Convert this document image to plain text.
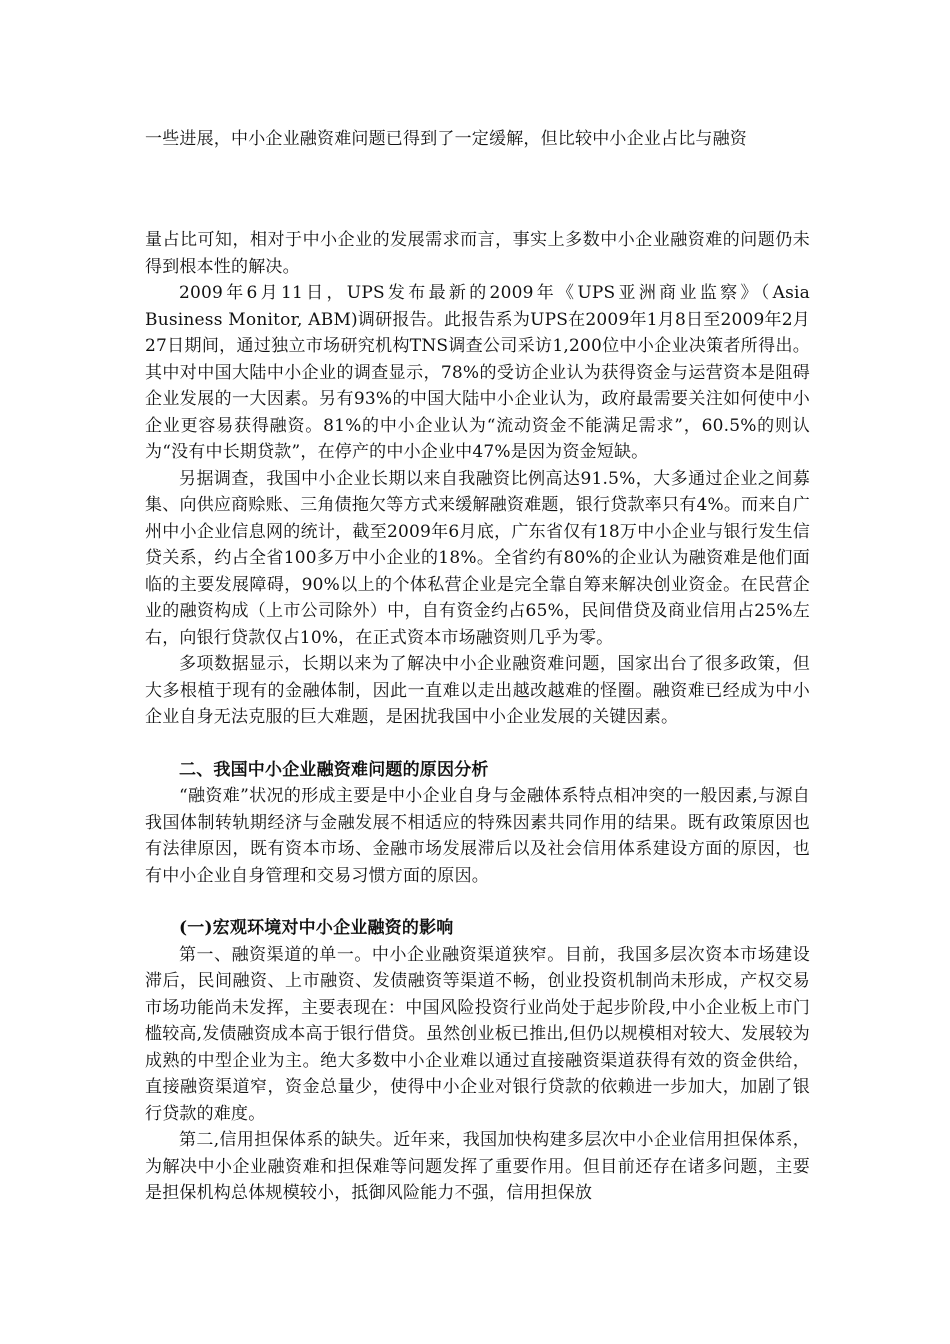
一些进展，中小企业融资难问题已得到了一定缓解，但比较中小企业占比与融资

量占比可知，相对于中小企业的发展需求而言，事实上多数中小企业融资难的问题仍未得到根本性的解决。

2009年6月11日，UPS发布最新的2009年《UPS亚洲商业监察》（Asia Business Monitor, ABM)调研报告。此报告系为UPS在2009年1月8日至2009年2月27日期间，通过独立市场研究机构TNS调查公司采访1,200位中小企业决策者所得出。其中对中国大陆中小企业的调查显示，78%的受访企业认为获得资金与运营资本是阻碍企业发展的一大因素。另有93%的中国大陆中小企业认为，政府最需要关注如何使中小企业更容易获得融资。81%的中小企业认为“流动资金不能满足需求”，60.5%的则认为“没有中长期贷款”，在停产的中小企业中47%是因为资金短缺。

另据调查，我国中小企业长期以来自我融资比例高达91.5%，大多通过企业之间募集、向供应商赊账、三角债拖欠等方式来缓解融资难题，银行贷款率只有4%。而来自广州中小企业信息网的统计，截至2009年6月底，广东省仅有18万中小企业与银行发生信贷关系，约占全省100多万中小企业的18%。全省约有80%的企业认为融资难是他们面临的主要发展障碍，90%以上的个体私营企业是完全靠自筹来解决创业资金。在民营企业的融资构成（上市公司除外）中，自有资金约占65%，民间借贷及商业信用占25%左右，向银行贷款仅占10%，在正式资本市场融资则几乎为零。

多项数据显示，长期以来为了解决中小企业融资难问题，国家出台了很多政策，但大多根植于现有的金融体制，因此一直难以走出越改越难的怪圈。融资难已经成为中小企业自身无法克服的巨大难题，是困扰我国中小企业发展的关键因素。

二、我国中小企业融资难问题的原因分析

“融资难”状况的形成主要是中小企业自身与金融体系特点相冲突的一般因素,与源自我国体制转轨期经济与金融发展不相适应的特殊因素共同作用的结果。既有政策原因也有法律原因，既有资本市场、金融市场发展滞后以及社会信用体系建设方面的原因，也有中小企业自身管理和交易习惯方面的原因。

(一)宏观环境对中小企业融资的影响

第一、融资渠道的单一。中小企业融资渠道狭窄。目前，我国多层次资本市场建设滞后，民间融资、上市融资、发债融资等渠道不畅，创业投资机制尚未形成，产权交易市场功能尚未发挥，主要表现在：中国风险投资行业尚处于起步阶段,中小企业板上市门槛较高,发债融资成本高于银行借贷。虽然创业板已推出,但仍以规模相对较大、发展较为成熟的中型企业为主。绝大多数中小企业难以通过直接融资渠道获得有效的资金供给，直接融资渠道窄，资金总量少，使得中小企业对银行贷款的依赖进一步加大，加剧了银行贷款的难度。

第二,信用担保体系的缺失。近年来，我国加快构建多层次中小企业信用担保体系，为解决中小企业融资难和担保难等问题发挥了重要作用。但目前还存在诸多问题，主要是担保机构总体规模较小，抵御风险能力不强，信用担保放
